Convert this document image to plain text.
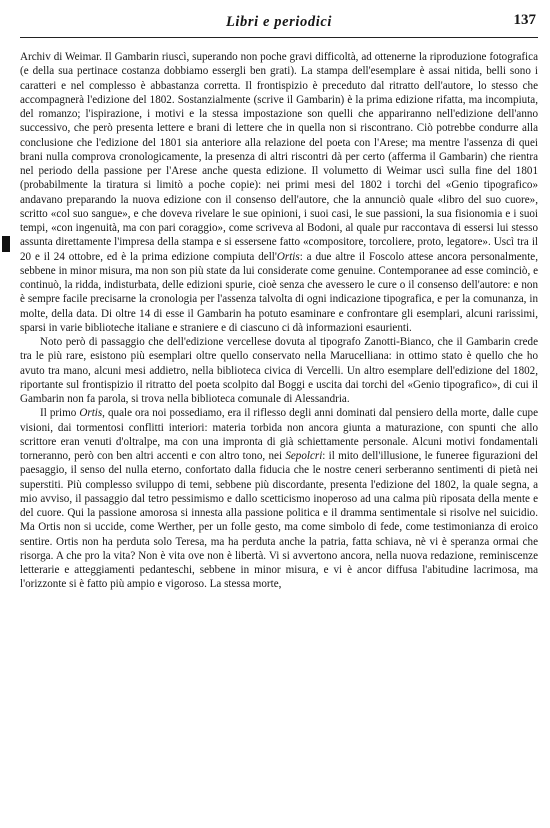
Libri e periodici	137

Archiv di Weimar. Il Gambarin riuscì, superando non poche gravi difficoltà, ad ottenerne la riproduzione fotografica (e della sua pertinace costanza dobbiamo essergli ben grati). La stampa dell'esemplare è assai nitida, belli sono i caratteri e nel complesso è abbastanza corretta. Il frontispizio è preceduto dal ritratto dell'autore, lo stesso che accompagnerà l'edizione del 1802. Sostanzialmente (scrive il Gambarin) è la prima edizione rifatta, ma incompiuta, del romanzo; l'ispirazione, i motivi e la stessa impostazione son quelli che appariranno nell'edizione dell'anno successivo, che però presenta lettere e brani di lettere che in quella non si riscontrano. Ciò potrebbe condurre alla conclusione che l'edizione del 1801 sia anteriore alla relazione del poeta con l'Arese; ma mentre l'assenza di quei brani nulla comprova cronologicamente, la presenza di altri riscontri dà per certo (afferma il Gambarin) che rientra nel periodo della passione per l'Arese anche questa edizione. Il volumetto di Weimar uscì sulla fine del 1801 (probabilmente la tiratura si limitò a poche copie): nei primi mesi del 1802 i torchi del «Genio tipografico» andavano preparando la nuova edizione con il consenso dell'autore, che la annunciò quale «libro del suo cuore», scritto «col suo sangue», e che doveva rivelare le sue opinioni, i suoi casi, le sue passioni, la sua fisionomia e i suoi tempi, «con ingenuità, ma con pari coraggio», come scriveva al Bodoni, al quale pur raccontava di essersi lui stesso assunta direttamente l'impresa della stampa e si essersene fatto «compositore, torcoliere, proto, legatore». Uscì tra il 20 e il 24 ottobre, ed è la prima edizione compiuta dell'Ortis: a due altre il Foscolo attese ancora personalmente, sebbene in minor misura, ma non son più state da lui considerate come genuine. Contemporanee ad esse cominciò, e continuò, la ridda, indisturbata, delle edizioni spurie, cioè senza che avessero le cure o il consenso dell'autore: e non è sempre facile precisarne la cronologia per l'assenza talvolta di ogni indicazione tipografica, e per la comunanza, in molte, della data. Di oltre 14 di esse il Gambarin ha potuto esaminare e confrontare gli esemplari, alcuni rarissimi, sparsi in varie biblioteche italiane e straniere e di ciascuno ci dà informazioni esaurienti.

Noto però di passaggio che dell'edizione vercellese dovuta al tipografo Zanotti-Bianco, che il Gambarin crede tra le più rare, esistono più esemplari oltre quello conservato nella Marucelliana: in ottimo stato è quello che ho avuto tra mano, alcuni mesi addietro, nella biblioteca civica di Vercelli. Un altro esemplare dell'edizione del 1802, riportante sul frontispizio il ritratto del poeta scolpito dal Boggi e uscita dai torchi del «Genio tipografico», di cui il Gambarin non fa parola, si trova nella biblioteca comunale di Alessandria.

Il primo Ortis, quale ora noi possediamo, era il riflesso degli anni dominati dal pensiero della morte, dalle cupe visioni, dai tormentosi conflitti interiori: materia torbida non ancora giunta a maturazione, con spunti che allo scrittore eran venuti d'oltralpe, ma con una impronta di già schiettamente personale. Alcuni motivi fondamentali torneranno, però con ben altri accenti e con altro tono, nei Sepolcri: il mito dell'illusione, le funeree figurazioni del paesaggio, il senso del nulla eterno, confortato dalla fiducia che le nostre ceneri serberanno sentimenti di pietà nei superstiti. Più complesso sviluppo di temi, sebbene più discordante, presenta l'edizione del 1802, la quale segna, a mio avviso, il passaggio dal tetro pessimismo e dallo scetticismo inoperoso ad una calma più riposata della mente e del cuore. Qui la passione amorosa si innesta alla passione politica e il dramma sentimentale si risolve nel suicidio. Ma Ortis non si uccide, come Werther, per un folle gesto, ma come simbolo di fede, come testimonianza di eroico sentire. Ortis non ha perduta solo Teresa, ma ha perduta anche la patria, fatta schiava, nè vi è speranza ormai che risorga. A che pro la vita? Non è vita ove non è libertà. Vi si avvertono ancora, nella nuova redazione, reminiscenze letterarie e atteggiamenti pedanteschi, sebbene in minor misura, e vi è ancor diffusa l'abitudine lacrimosa, ma l'orizzonte si è fatto più ampio e vigoroso. La stessa morte,
